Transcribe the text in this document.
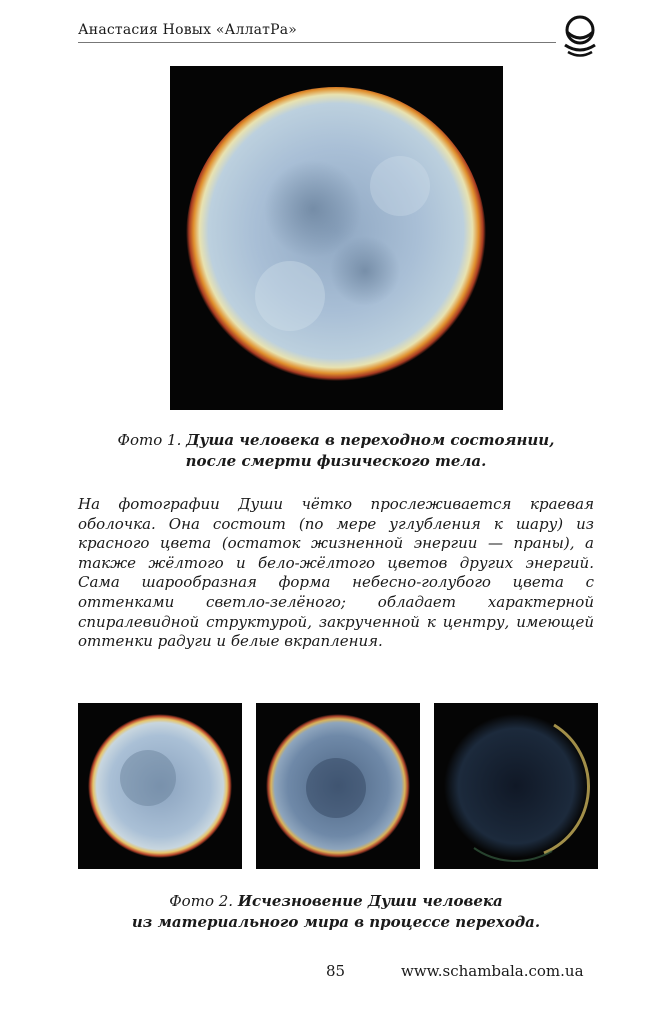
Анастасия Новых «АллатРа»
Фото 1. Душа человека в переходном состоянии,
после смерти физического тела.

На фотографии Души чётко прослеживается краевая оболочка. Она состоит (по мере углубления к шару) из красного цвета (остаток жизненной энергии — праны), а также жёлтого и бело-жёлтого цветов других энергий. Сама шарообразная форма небесно-голубого цвета с оттенками светло-зелёного; обладает характерной спиралевидной структурой, закрученной к центру, имеющей оттенки радуги и белые вкрапления.

Фото 2. Исчезновение Души человека
из материального мира в процессе перехода.
85	www.schambala.com.ua
